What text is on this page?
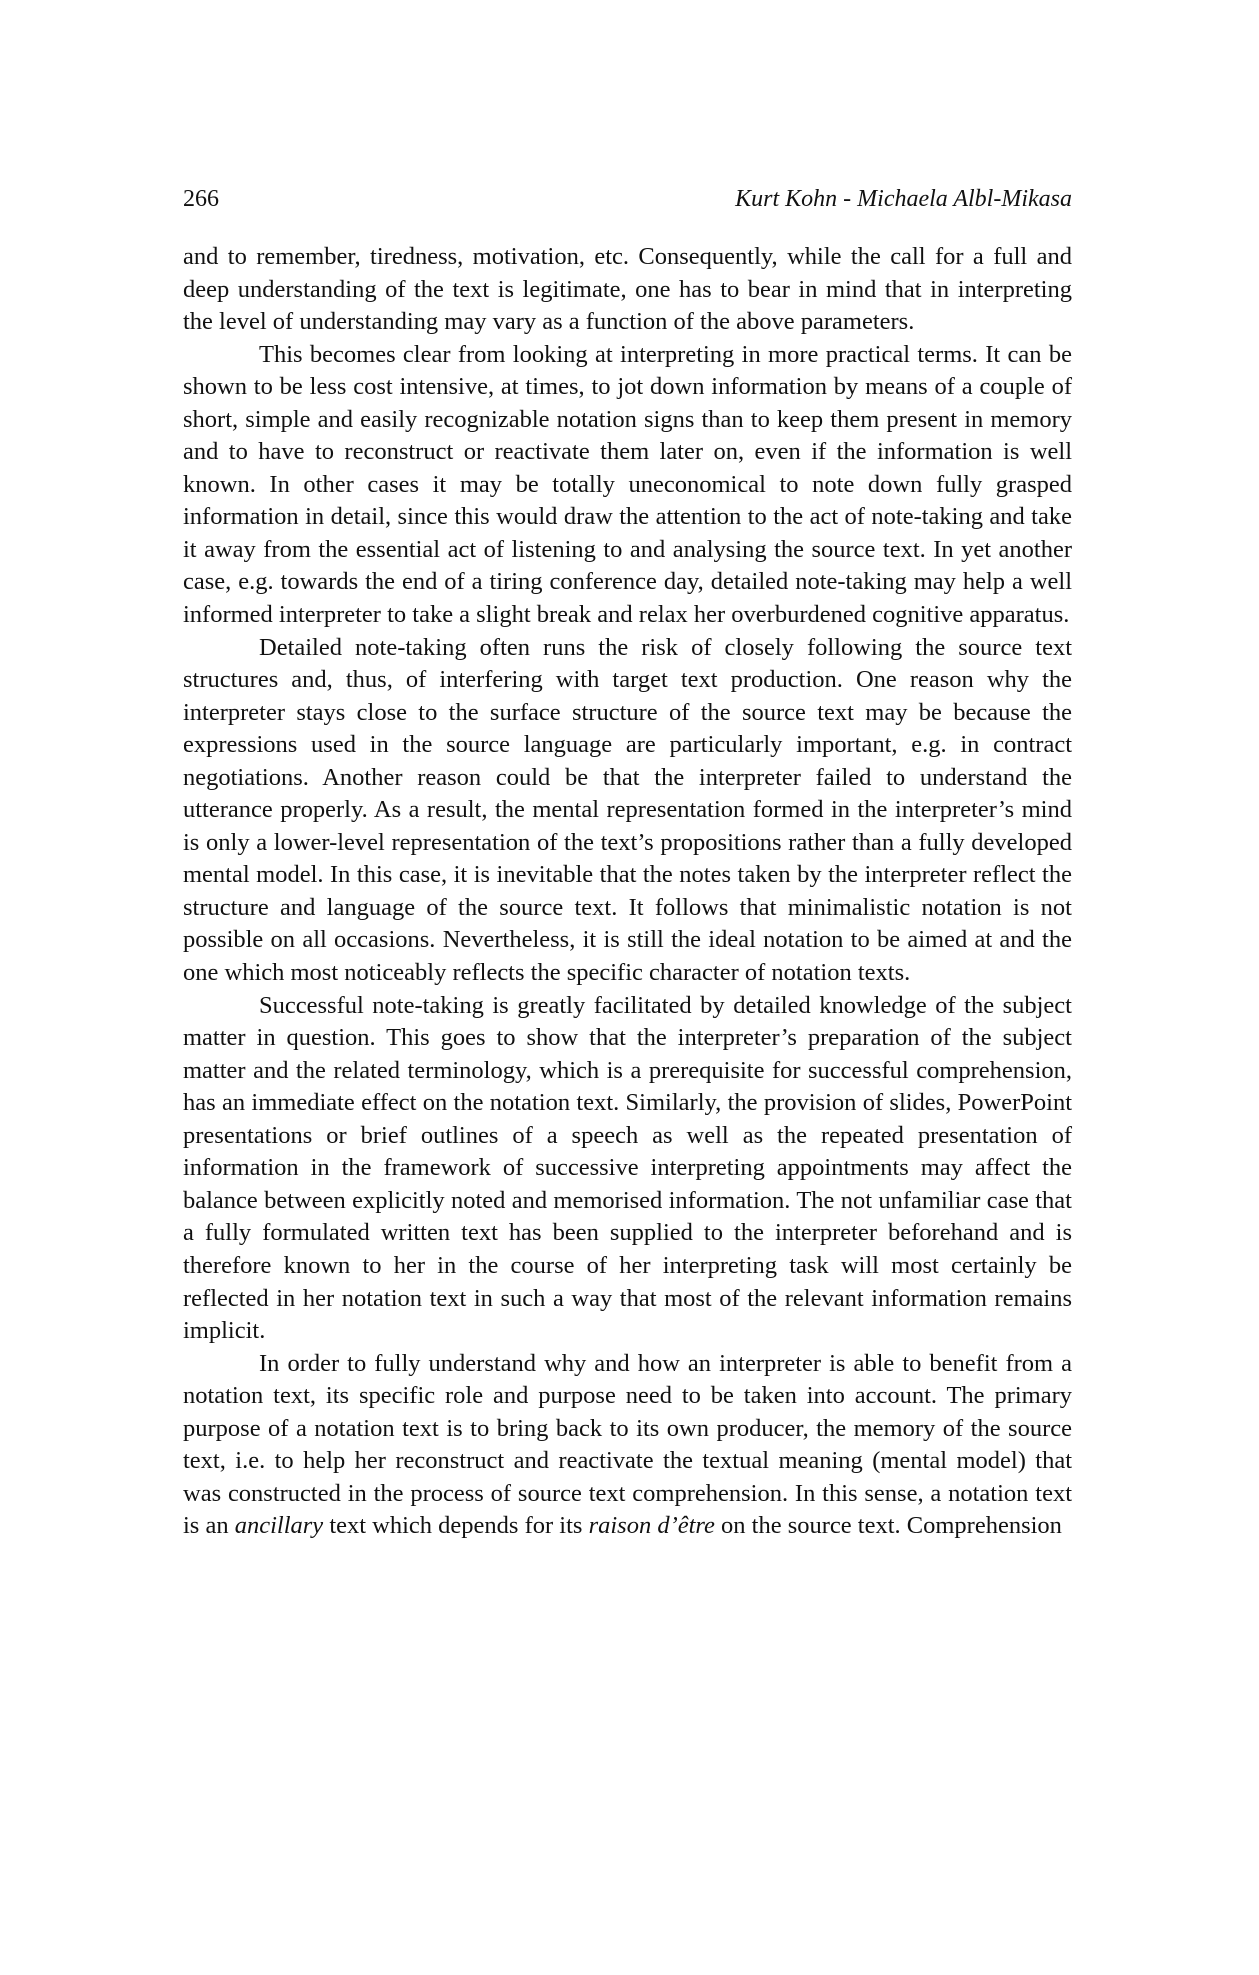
266	Kurt Kohn - Michaela Albl-Mikasa

and to remember, tiredness, motivation, etc. Consequently, while the call for a full and deep understanding of the text is legitimate, one has to bear in mind that in interpreting the level of understanding may vary as a function of the above parameters.

This becomes clear from looking at interpreting in more practical terms. It can be shown to be less cost intensive, at times, to jot down information by means of a couple of short, simple and easily recognizable notation signs than to keep them present in memory and to have to reconstruct or reactivate them later on, even if the information is well known. In other cases it may be totally uneconomical to note down fully grasped information in detail, since this would draw the attention to the act of note-taking and take it away from the essential act of listening to and analysing the source text. In yet another case, e.g. towards the end of a tiring conference day, detailed note-taking may help a well informed interpreter to take a slight break and relax her overburdened cognitive apparatus.

Detailed note-taking often runs the risk of closely following the source text structures and, thus, of interfering with target text production. One reason why the interpreter stays close to the surface structure of the source text may be because the expressions used in the source language are particularly important, e.g. in contract negotiations. Another reason could be that the interpreter failed to understand the utterance properly. As a result, the mental representation formed in the interpreter’s mind is only a lower-level representation of the text’s propositions rather than a fully developed mental model. In this case, it is inevitable that the notes taken by the interpreter reflect the structure and language of the source text. It follows that minimalistic notation is not possible on all occasions. Nevertheless, it is still the ideal notation to be aimed at and the one which most noticeably reflects the specific character of notation texts.

Successful note-taking is greatly facilitated by detailed knowledge of the subject matter in question. This goes to show that the interpreter’s preparation of the subject matter and the related terminology, which is a prerequisite for successful comprehension, has an immediate effect on the notation text. Similarly, the provision of slides, PowerPoint presentations or brief outlines of a speech as well as the repeated presentation of information in the framework of successive interpreting appointments may affect the balance between explicitly noted and memorised information. The not unfamiliar case that a fully formulated written text has been supplied to the interpreter beforehand and is therefore known to her in the course of her interpreting task will most certainly be reflected in her notation text in such a way that most of the relevant information remains implicit.

In order to fully understand why and how an interpreter is able to benefit from a notation text, its specific role and purpose need to be taken into account. The primary purpose of a notation text is to bring back to its own producer, the memory of the source text, i.e. to help her reconstruct and reactivate the textual meaning (mental model) that was constructed in the process of source text comprehension. In this sense, a notation text is an ancillary text which depends for its raison d’être on the source text. Comprehension
